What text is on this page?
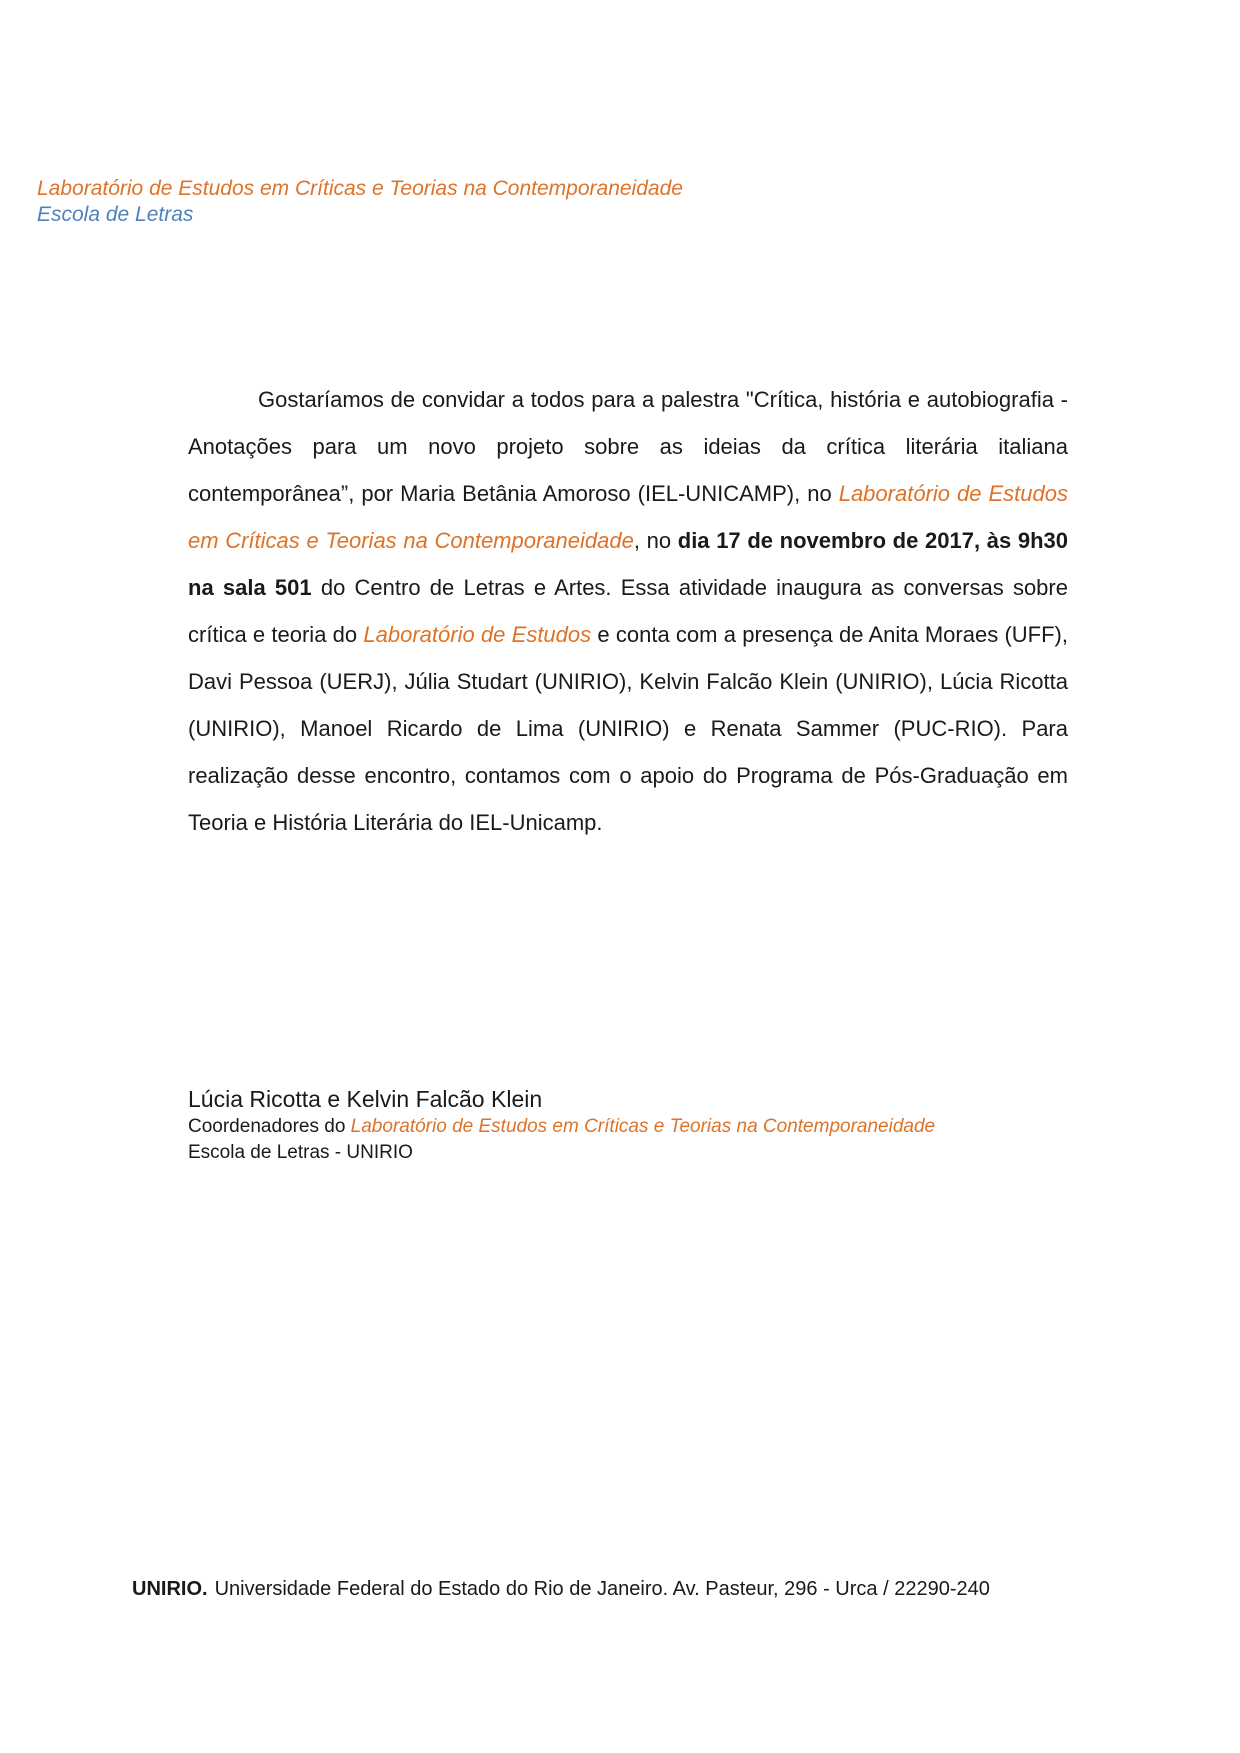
Laboratório de Estudos em Críticas e Teorias na Contemporaneidade
Escola de Letras

Gostaríamos de convidar a todos para a palestra "Crítica, história e autobiografia - Anotações para um novo projeto sobre as ideias da crítica literária italiana contemporânea”, por Maria Betânia Amoroso (IEL-UNICAMP), no Laboratório de Estudos em Críticas e Teorias na Contemporaneidade, no dia 17 de novembro de 2017, às 9h30 na sala 501 do Centro de Letras e Artes. Essa atividade inaugura as conversas sobre crítica e teoria do Laboratório de Estudos e conta com a presença de Anita Moraes (UFF), Davi Pessoa (UERJ), Júlia Studart (UNIRIO), Kelvin Falcão Klein (UNIRIO), Lúcia Ricotta (UNIRIO), Manoel Ricardo de Lima (UNIRIO) e Renata Sammer (PUC-RIO). Para realização desse encontro, contamos com o apoio do Programa de Pós-Graduação em Teoria e História Literária do IEL-Unicamp.

Lúcia Ricotta e Kelvin Falcão Klein
Coordenadores do Laboratório de Estudos em Críticas e Teorias na Contemporaneidade
Escola de Letras - UNIRIO
UNIRIO. Universidade Federal do Estado do Rio de Janeiro. Av. Pasteur, 296 - Urca / 22290-240
